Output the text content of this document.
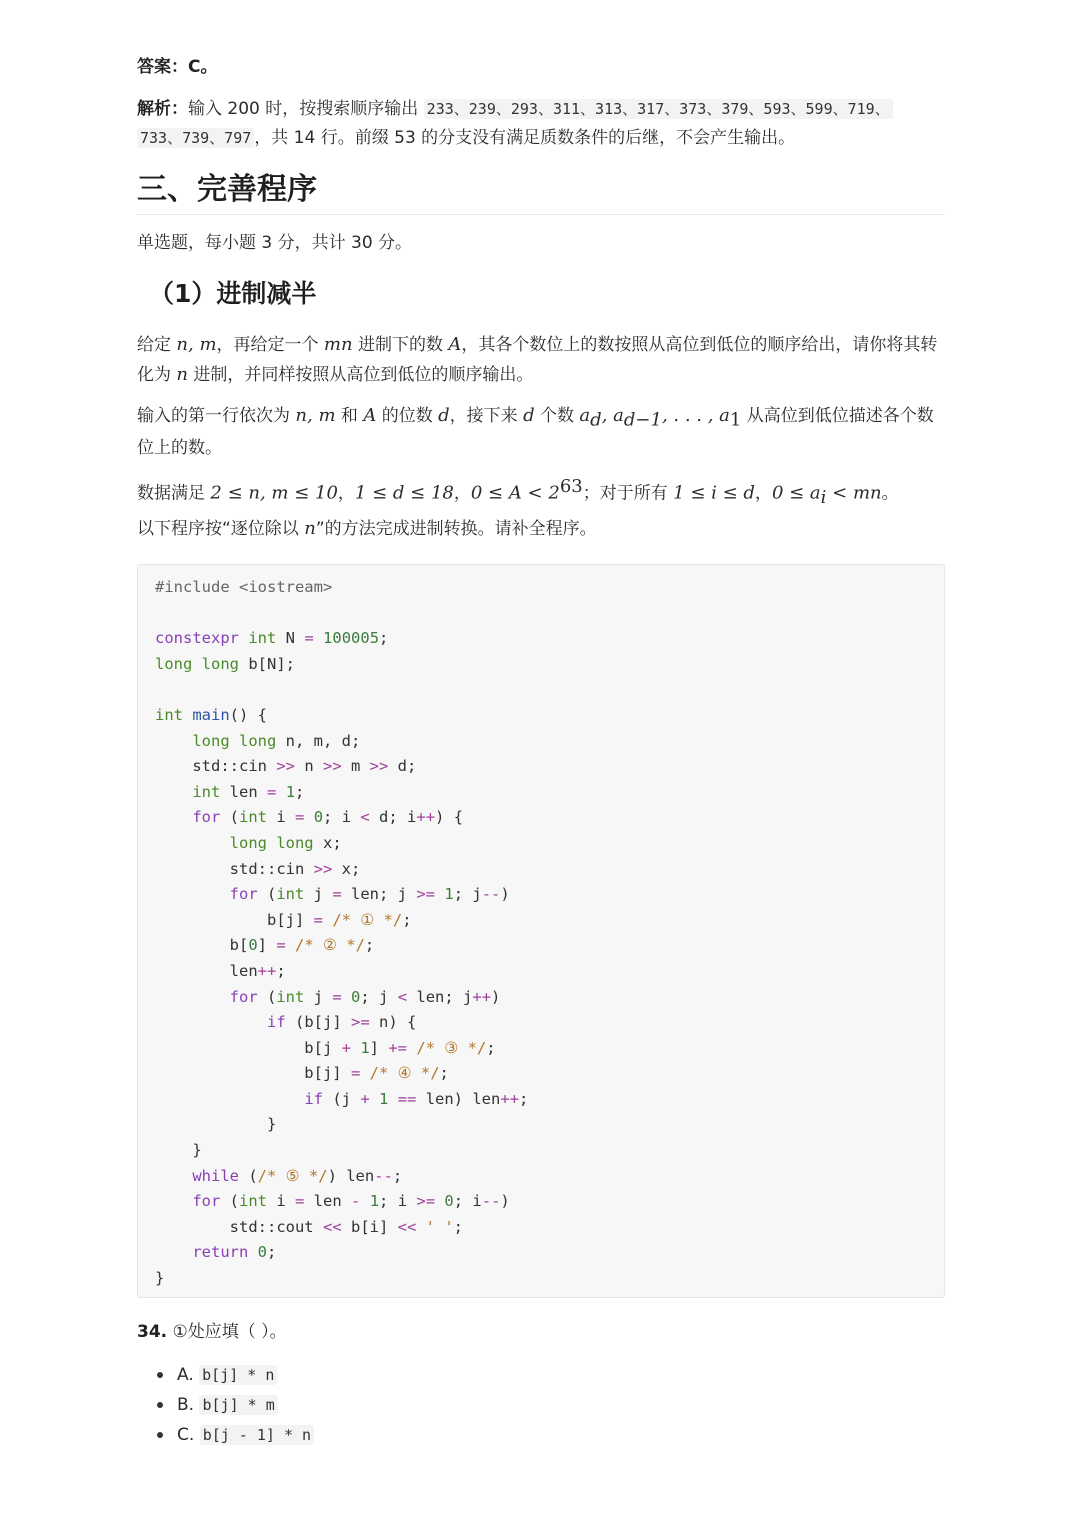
答案：C。

解析：输入 200 时，按搜索顺序输出 233、239、293、311、313、317、373、379、593、599、719、
733、739、797 ，共 14 行。前缀 53 的分支没有满足质数条件的后继，不会产生输出。

三、完善程序

单选题，每小题 3 分，共计 30 分。

（1）进制减半

给定 n, m，再给定一个 mn 进制下的数 A，其各个数位上的数按照从高位到低位的顺序给出，请你将其转化为 n 进制，并同样按照从高位到低位的顺序输出。

输入的第一行依次为 n, m 和 A 的位数 d，接下来 d 个数 $a_d$, $a_{d-1}$, . . . , $a_1$ 从高位到低位描述各个数位上的数。

数据满足 2 ≤ n, m ≤ 10，1 ≤ d ≤ 18，$0 \le A < 2^{63}$；对于所有 1 ≤ i ≤ d，$0 \le a_i$ < mn。

以下程序按“逐位除以 n”的方法完成进制转换。请补全程序。

#include <iostream>

constexpr int N = 100005;
long long b[N];

int main() {
long long n, m, d;
std::cin >> n >> m >> d;
int len = 1;
for (int i = 0; i < d; i++) {
long long x;
std::cin >> x;
for (int j = len; j >= 1; j--)
b[j] = /* ① */;
b[0] = /* ② */;
len++;
for (int j = 0; j < len; j++)
if (b[j] >= n) {
b[j + 1] += /* ③ */;
b[j] = /* ④ */;
if (j + 1 == len) len++;
}
}
while (/* ⑤ */) len--;
for (int i = len - 1; i >= 0; i--)
std::cout << b[i] << ' ';
return 0;
}

34. ①处应填（ ）。

A. b[j] * n
B. b[j] * m
C. b[j - 1] * n
